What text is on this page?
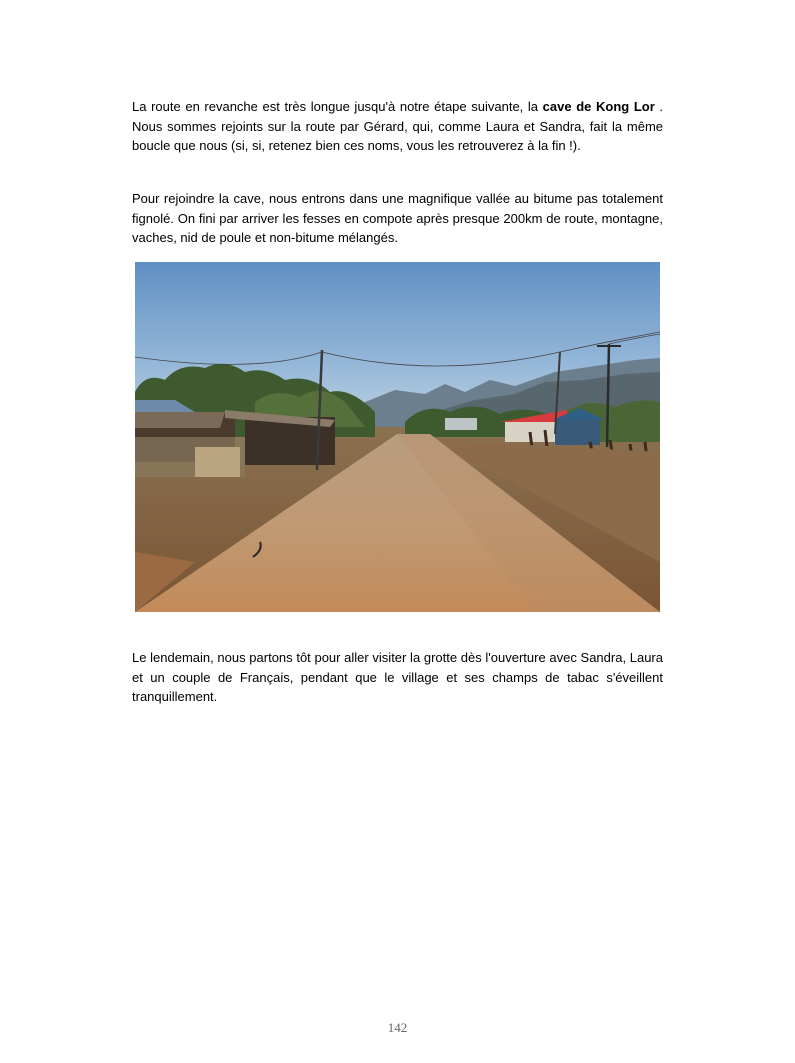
La route en revanche est très longue jusqu'à notre étape suivante, la cave de Kong Lor . Nous sommes rejoints sur la route par Gérard, qui, comme Laura et Sandra, fait la même boucle que nous (si, si, retenez bien ces noms, vous les retrouverez à la fin !).

Pour rejoindre la cave, nous entrons dans une magnifique vallée au bitume pas totalement fignolé. On fini par arriver les fesses en compote après presque 200km de route, montagne, vaches, nid de poule et non-bitume mélangés.

Le lendemain, nous partons tôt pour aller visiter la grotte dès l'ouverture avec Sandra, Laura et un couple de Français, pendant que le village et ses champs de tabac s'éveillent tranquillement.

142
